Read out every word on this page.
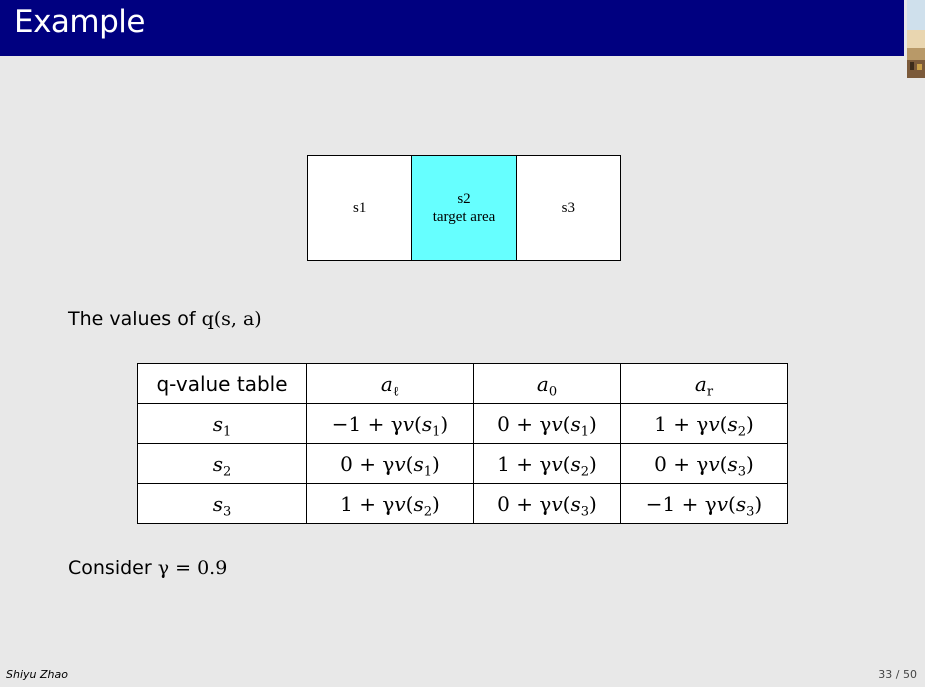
Example
s1
s2
target area
s3
The values of q(s, a)
q-value table	$a_\ell$	$a_0$	$a_r$
$s_1$	$-1 + \gamma v(s_1)$	$0 + \gamma v(s_1)$	$1 + \gamma v(s_2)$
$s_2$	$0 + \gamma v(s_1)$	$1 + \gamma v(s_2)$	$0 + \gamma v(s_3)$
$s_3$	$1 + \gamma v(s_2)$	$0 + \gamma v(s_3)$	$-1 + \gamma v(s_3)$
Consider γ = 0.9
Shiyu Zhao	33 / 50
